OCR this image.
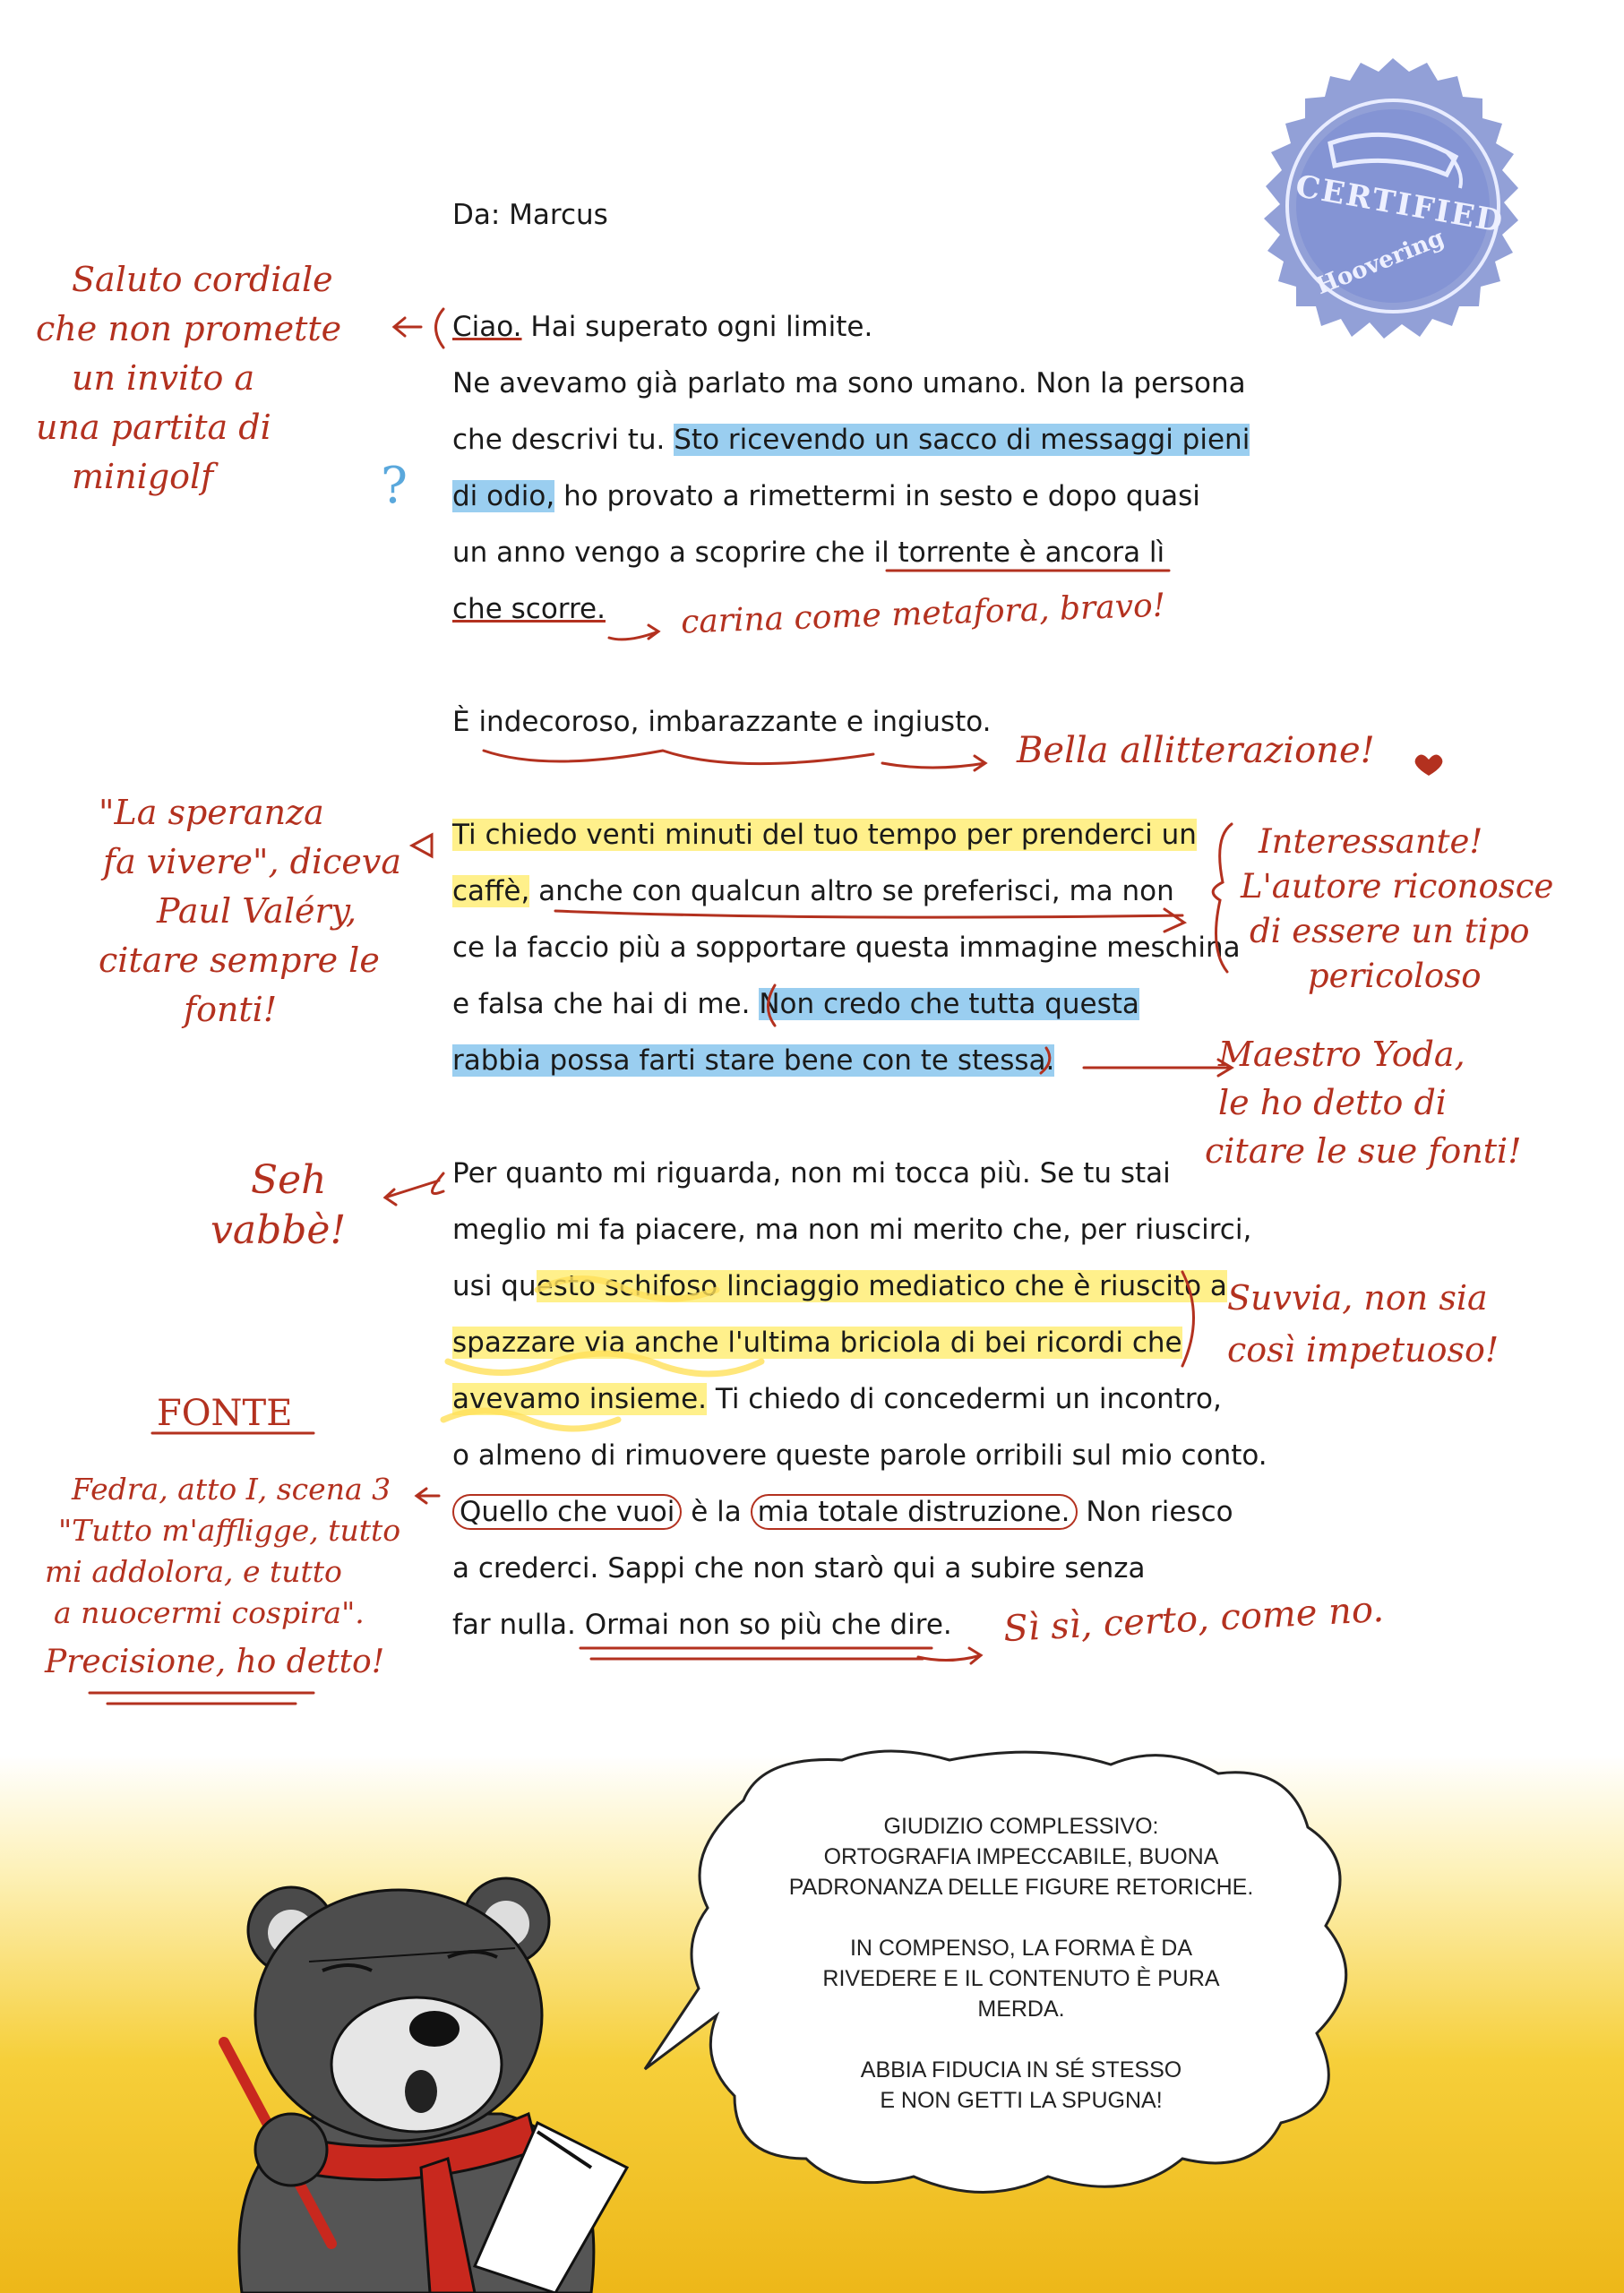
CERTIFIED
Hoovering
Da: Marcus
Ciao. Hai superato ogni limite.
Ne avevamo già parlato ma sono umano. Non la persona
che descrivi tu. Sto ricevendo un sacco di messaggi pieni
di odio, ho provato a rimettermi in sesto e dopo quasi
un anno vengo a scoprire che il torrente è ancora lì
che scorre.
È indecoroso, imbarazzante e ingiusto.
Ti chiedo venti minuti del tuo tempo per prenderci un
caffè, anche con qualcun altro se preferisci, ma non
ce la faccio più a sopportare questa immagine meschina
e falsa che hai di me. Non credo che tutta questa
rabbia possa farti stare bene con te stessa.
Per quanto mi riguarda, non mi tocca più. Se tu stai
meglio mi fa piacere, ma non mi merito che, per riuscirci,
usi questo schifoso linciaggio mediatico che è riuscito a
spazzare via anche l'ultima briciola di bei ricordi che
avevamo insieme. Ti chiedo di concedermi un incontro,
o almeno di rimuovere queste parole orribili sul mio conto.
Quello che vuoi è la mia totale distruzione. Non riesco
a crederci. Sappi che non starò qui a subire senza
far nulla. Ormai non so più che dire.
Saluto cordiale
che non promette
un invito a
una partita di
minigolf	?
carina come metafora, bravo!
Bella allitterazione!
"La speranza
fa vivere", diceva
Paul Valéry,
citare sempre le
fonti!
Interessante!
L'autore riconosce
di essere un tipo
pericoloso
Maestro Yoda,
le ho detto di
citare le sue fonti!
Seh
vabbè!
Suvvia, non sia
così impetuoso!
FONTE
Fedra, atto I, scena 3
"Tutto m'affligge, tutto
mi addolora, e tutto
a nuocermi cospira".
Precisione, ho detto!
Sì sì, certo, come no.
GIUDIZIO COMPLESSIVO:
ORTOGRAFIA IMPECCABILE, BUONA
PADRONANZA DELLE FIGURE RETORICHE.
IN COMPENSO, LA FORMA È DA
RIVEDERE E IL CONTENUTO È PURA
MERDA.
ABBIA FIDUCIA IN SÉ STESSO
E NON GETTI LA SPUGNA!
